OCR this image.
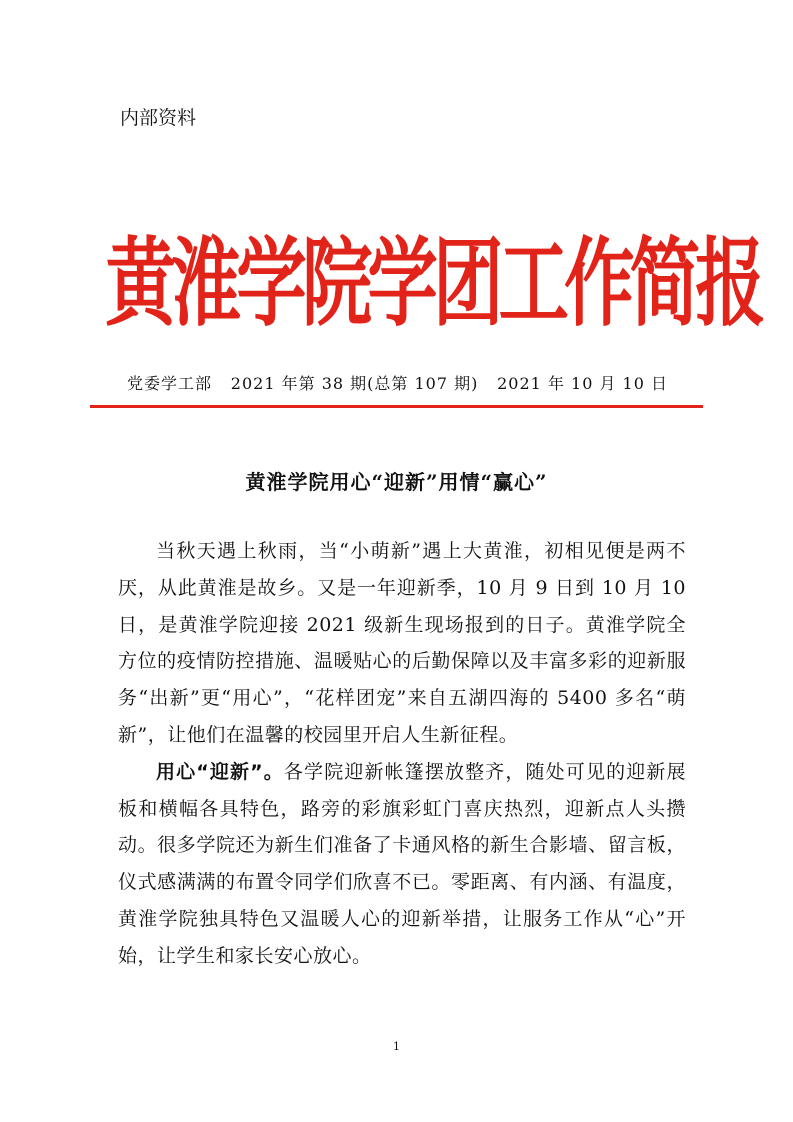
内部资料
黄淮学院学团工作简报
党委学工部 2021 年第 38 期(总第 107 期) 2021 年 10 月 10 日
黄淮学院用心“迎新”用情“赢心”

当秋天遇上秋雨，当“小萌新”遇上大黄淮，初相见便是两不厌，从此黄淮是故乡。又是一年迎新季，10 月 9 日到 10 月 10 日，是黄淮学院迎接 2021 级新生现场报到的日子。黄淮学院全方位的疫情防控措施、温暖贴心的后勤保障以及丰富多彩的迎新服务“出新”更“用心”，“花样团宠”来自五湖四海的 5400 多名“萌新”，让他们在温馨的校园里开启人生新征程。

用心“迎新”。各学院迎新帐篷摆放整齐，随处可见的迎新展板和横幅各具特色，路旁的彩旗彩虹门喜庆热烈，迎新点人头攒动。很多学院还为新生们准备了卡通风格的新生合影墙、留言板，仪式感满满的布置令同学们欣喜不已。零距离、有内涵、有温度，黄淮学院独具特色又温暖人心的迎新举措，让服务工作从“心”开始，让学生和家长安心放心。

1
